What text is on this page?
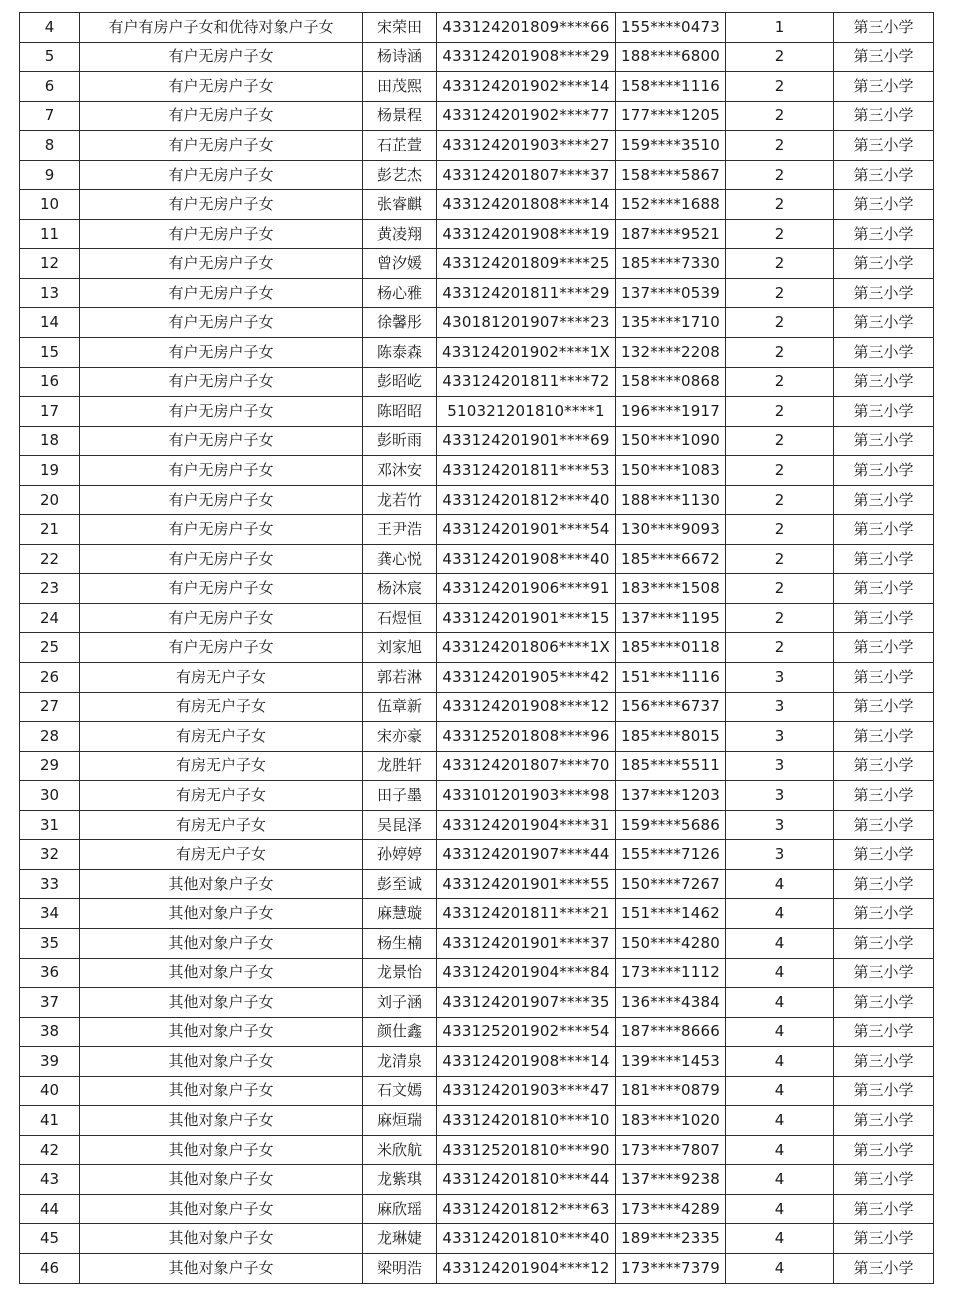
4	有户有房户子女和优待对象户子女	宋荣田	433124201809****66	155****0473	1	第三小学
5	有户无房户子女	杨诗涵	433124201908****29	188****6800	2	第三小学
6	有户无房户子女	田茂熙	433124201902****14	158****1116	2	第三小学
7	有户无房户子女	杨景程	433124201902****77	177****1205	2	第三小学
8	有户无房户子女	石芷萱	433124201903****27	159****3510	2	第三小学
9	有户无房户子女	彭艺杰	433124201807****37	158****5867	2	第三小学
10	有户无房户子女	张睿麒	433124201808****14	152****1688	2	第三小学
11	有户无房户子女	黄凌翔	433124201908****19	187****9521	2	第三小学
12	有户无房户子女	曾汐媛	433124201809****25	185****7330	2	第三小学
13	有户无房户子女	杨心雅	433124201811****29	137****0539	2	第三小学
14	有户无房户子女	徐馨彤	430181201907****23	135****1710	2	第三小学
15	有户无房户子女	陈泰森	433124201902****1X	132****2208	2	第三小学
16	有户无房户子女	彭昭屹	433124201811****72	158****0868	2	第三小学
17	有户无房户子女	陈昭昭	510321201810****1	196****1917	2	第三小学
18	有户无房户子女	彭昕雨	433124201901****69	150****1090	2	第三小学
19	有户无房户子女	邓沐安	433124201811****53	150****1083	2	第三小学
20	有户无房户子女	龙若竹	433124201812****40	188****1130	2	第三小学
21	有户无房户子女	王尹浩	433124201901****54	130****9093	2	第三小学
22	有户无房户子女	龚心悦	433124201908****40	185****6672	2	第三小学
23	有户无房户子女	杨沐宸	433124201906****91	183****1508	2	第三小学
24	有户无房户子女	石煜恒	433124201901****15	137****1195	2	第三小学
25	有户无房户子女	刘家旭	433124201806****1X	185****0118	2	第三小学
26	有房无户子女	郭若淋	433124201905****42	151****1116	3	第三小学
27	有房无户子女	伍章新	433124201908****12	156****6737	3	第三小学
28	有房无户子女	宋亦豪	433125201808****96	185****8015	3	第三小学
29	有房无户子女	龙胜轩	433124201807****70	185****5511	3	第三小学
30	有房无户子女	田子墨	433101201903****98	137****1203	3	第三小学
31	有房无户子女	吴昆泽	433124201904****31	159****5686	3	第三小学
32	有房无户子女	孙婷婷	433124201907****44	155****7126	3	第三小学
33	其他对象户子女	彭至诚	433124201901****55	150****7267	4	第三小学
34	其他对象户子女	麻慧璇	433124201811****21	151****1462	4	第三小学
35	其他对象户子女	杨生楠	433124201901****37	150****4280	4	第三小学
36	其他对象户子女	龙景怡	433124201904****84	173****1112	4	第三小学
37	其他对象户子女	刘子涵	433124201907****35	136****4384	4	第三小学
38	其他对象户子女	颜仕鑫	433125201902****54	187****8666	4	第三小学
39	其他对象户子女	龙清泉	433124201908****14	139****1453	4	第三小学
40	其他对象户子女	石文嫣	433124201903****47	181****0879	4	第三小学
41	其他对象户子女	麻烜瑞	433124201810****10	183****1020	4	第三小学
42	其他对象户子女	米欣航	433125201810****90	173****7807	4	第三小学
43	其他对象户子女	龙紫琪	433124201810****44	137****9238	4	第三小学
44	其他对象户子女	麻欣瑶	433124201812****63	173****4289	4	第三小学
45	其他对象户子女	龙琳婕	433124201810****40	189****2335	4	第三小学
46	其他对象户子女	梁明浩	433124201904****12	173****7379	4	第三小学
